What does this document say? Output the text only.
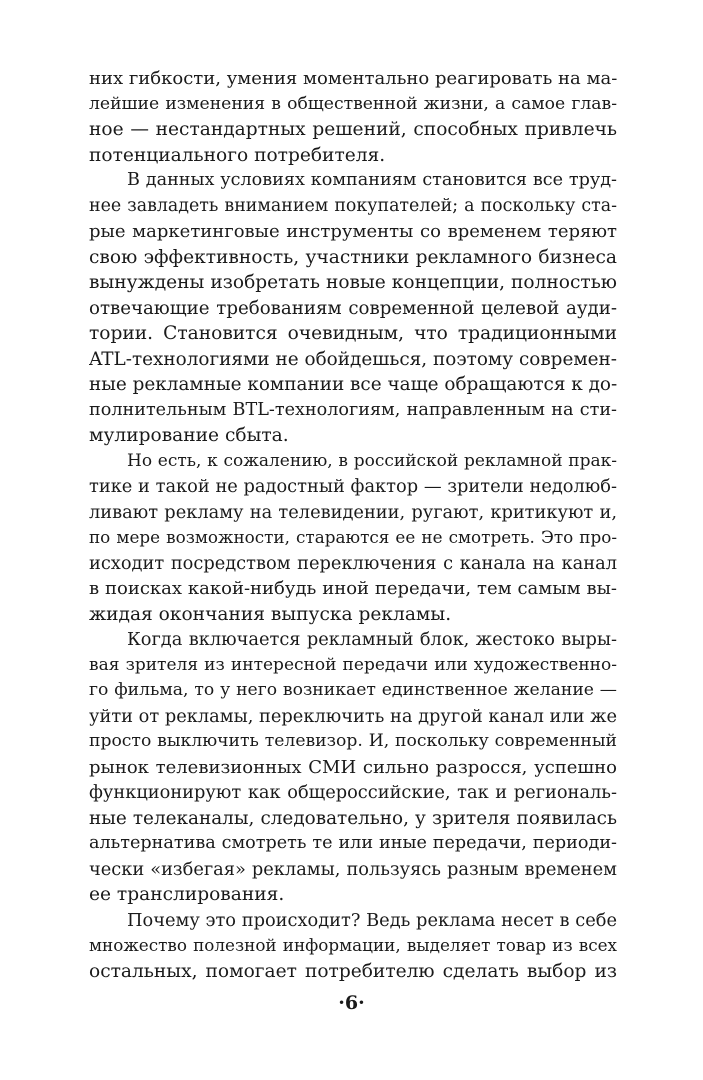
них гибкости, умения моментально реагировать на ма-
лейшие изменения в общественной жизни, а самое глав-
ное — нестандартных решений, способных привлечь
потенциального потребителя.
В данных условиях компаниям становится все труд-
нее завладеть вниманием покупателей; а поскольку ста-
рые маркетинговые инструменты со временем теряют
свою эффективность, участники рекламного бизнеса
вынуждены изобретать новые концепции, полностью
отвечающие требованиям современной целевой ауди-
тории. Становится очевидным, что традиционными
ATL-технологиями не обойдешься, поэтому современ-
ные рекламные компании все чаще обращаются к до-
полнительным BTL-технологиям, направленным на сти-
мулирование сбыта.
Но есть, к сожалению, в российской рекламной прак-
тике и такой не радостный фактор — зрители недолюб-
ливают рекламу на телевидении, ругают, критикуют и,
по мере возможности, стараются ее не смотреть. Это про-
исходит посредством переключения с канала на канал
в поисках какой-нибудь иной передачи, тем самым вы-
жидая окончания выпуска рекламы.
Когда включается рекламный блок, жестоко выры-
вая зрителя из интересной передачи или художественно-
го фильма, то у него возникает единственное желание —
уйти от рекламы, переключить на другой канал или же
просто выключить телевизор. И, поскольку современный
рынок телевизионных СМИ сильно разросся, успешно
функционируют как общероссийские, так и региональ-
ные телеканалы, следовательно, у зрителя появилась
альтернатива смотреть те или иные передачи, периоди-
чески «избегая» рекламы, пользуясь разным временем
ее транслирования.
Почему это происходит? Ведь реклама несет в себе
множество полезной информации, выделяет товар из всех
остальных, помогает потребителю сделать выбор из
·6·
